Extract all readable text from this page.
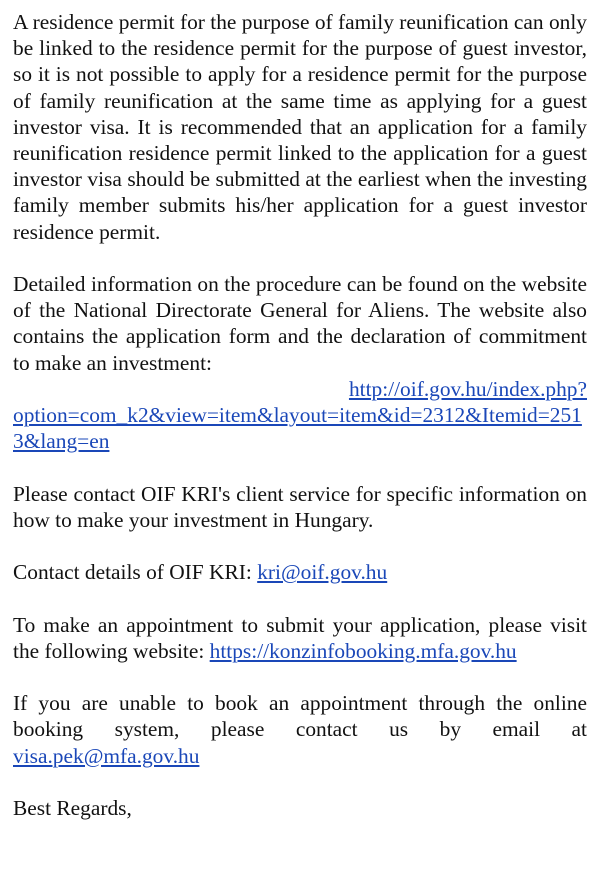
A residence permit for the purpose of family reunification can only be linked to the residence permit for the purpose of guest investor, so it is not possible to apply for a residence permit for the purpose of family reunification at the same time as applying for a guest investor visa. It is recommended that an application for a family reunification residence permit linked to the application for a guest investor visa should be submitted at the earliest when the investing family member submits his/her application for a guest investor residence permit.

Detailed information on the procedure can be found on the website of the National Directorate General for Aliens. The website also contains the application form and the declaration of commitment to make an investment:
http://oif.gov.hu/index.php?
option=com_k2&view=item&layout=item&id=2312&Itemid=2513&lang=en

Please contact OIF KRI's client service for specific information on how to make your investment in Hungary.

Contact details of OIF KRI: kri@oif.gov.hu

To make an appointment to submit your application, please visit the following website: https://konzinfobooking.mfa.gov.hu

If you are unable to book an appointment through the online booking system, please contact us by email at visa.pek@mfa.gov.hu

Best Regards,
